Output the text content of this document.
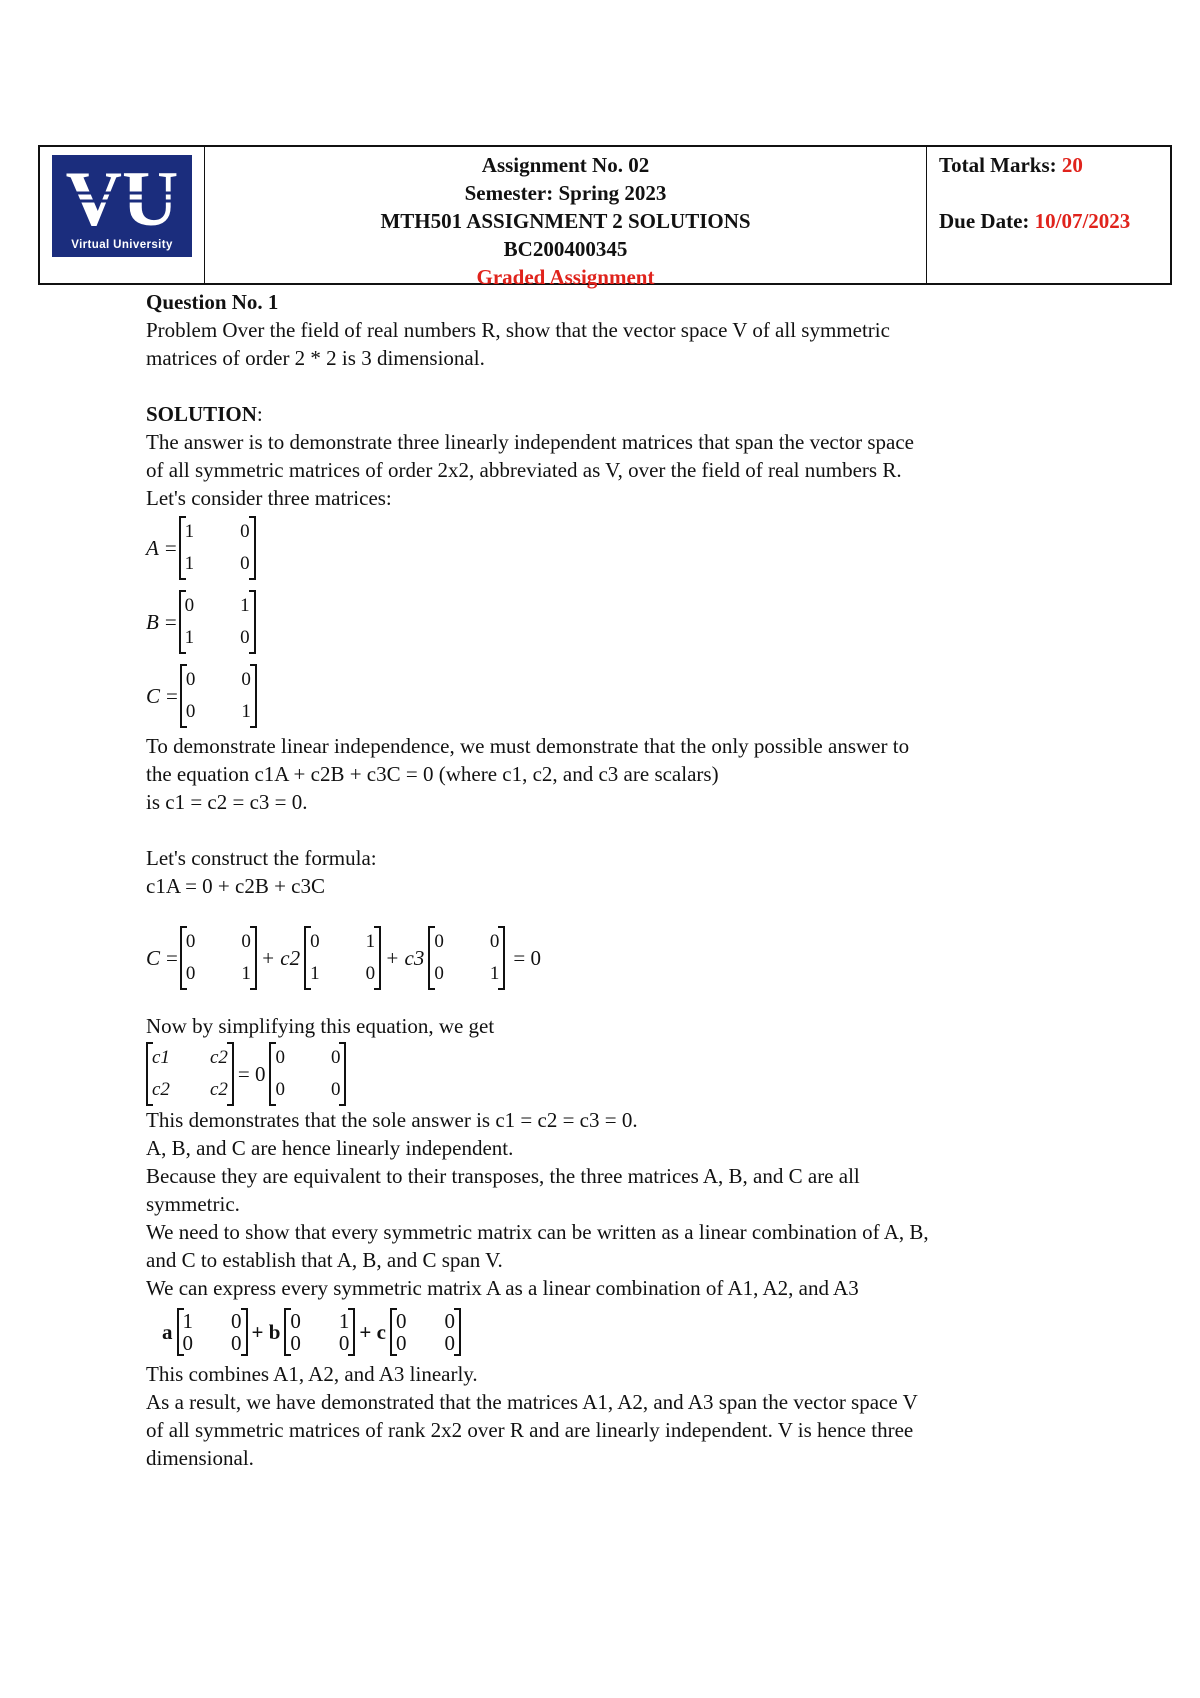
VU
Virtual University
Assignment No. 02
Semester: Spring 2023
MTH501 ASSIGNMENT 2 SOLUTIONS
BC200400345
Graded Assignment
Total Marks: 20
Due Date: 10/07/2023
Question No. 1
Problem Over the field of real numbers R, show that the vector space V of all symmetric
matrices of order 2 * 2 is 3 dimensional.
SOLUTION:
The answer is to demonstrate three linearly independent matrices that span the vector space
of all symmetric matrices of order 2x2, abbreviated as V, over the field of real numbers R.
Let's consider three matrices:
A =
1 0
1 0
B =
0 1
1 0
C =
0 0
0 1
To demonstrate linear independence, we must demonstrate that the only possible answer to
the equation c1A + c2B + c3C = 0 (where c1, c2, and c3 are scalars)
is c1 = c2 = c3 = 0.
Let's construct the formula:
c1A = 0 + c2B + c3C
C =
0 0
0 1
+ c2
0 1
1 0
+ c3
0 0
0 1
= 0
Now by simplifying this equation, we get
c1 c2
c2 c2
= 0
0 0
0 0
This demonstrates that the sole answer is c1 = c2 = c3 = 0.
A, B, and C are hence linearly independent.
Because they are equivalent to their transposes, the three matrices A, B, and C are all
symmetric.
We need to show that every symmetric matrix can be written as a linear combination of A, B,
and C to establish that A, B, and C span V.
We can express every symmetric matrix A as a linear combination of A1, A2, and A3
a 1 0
0 0 + b 0 1
0 0 + c 0 0
0 0
This combines A1, A2, and A3 linearly.
As a result, we have demonstrated that the matrices A1, A2, and A3 span the vector space V
of all symmetric matrices of rank 2x2 over R and are linearly independent. V is hence three
dimensional.
